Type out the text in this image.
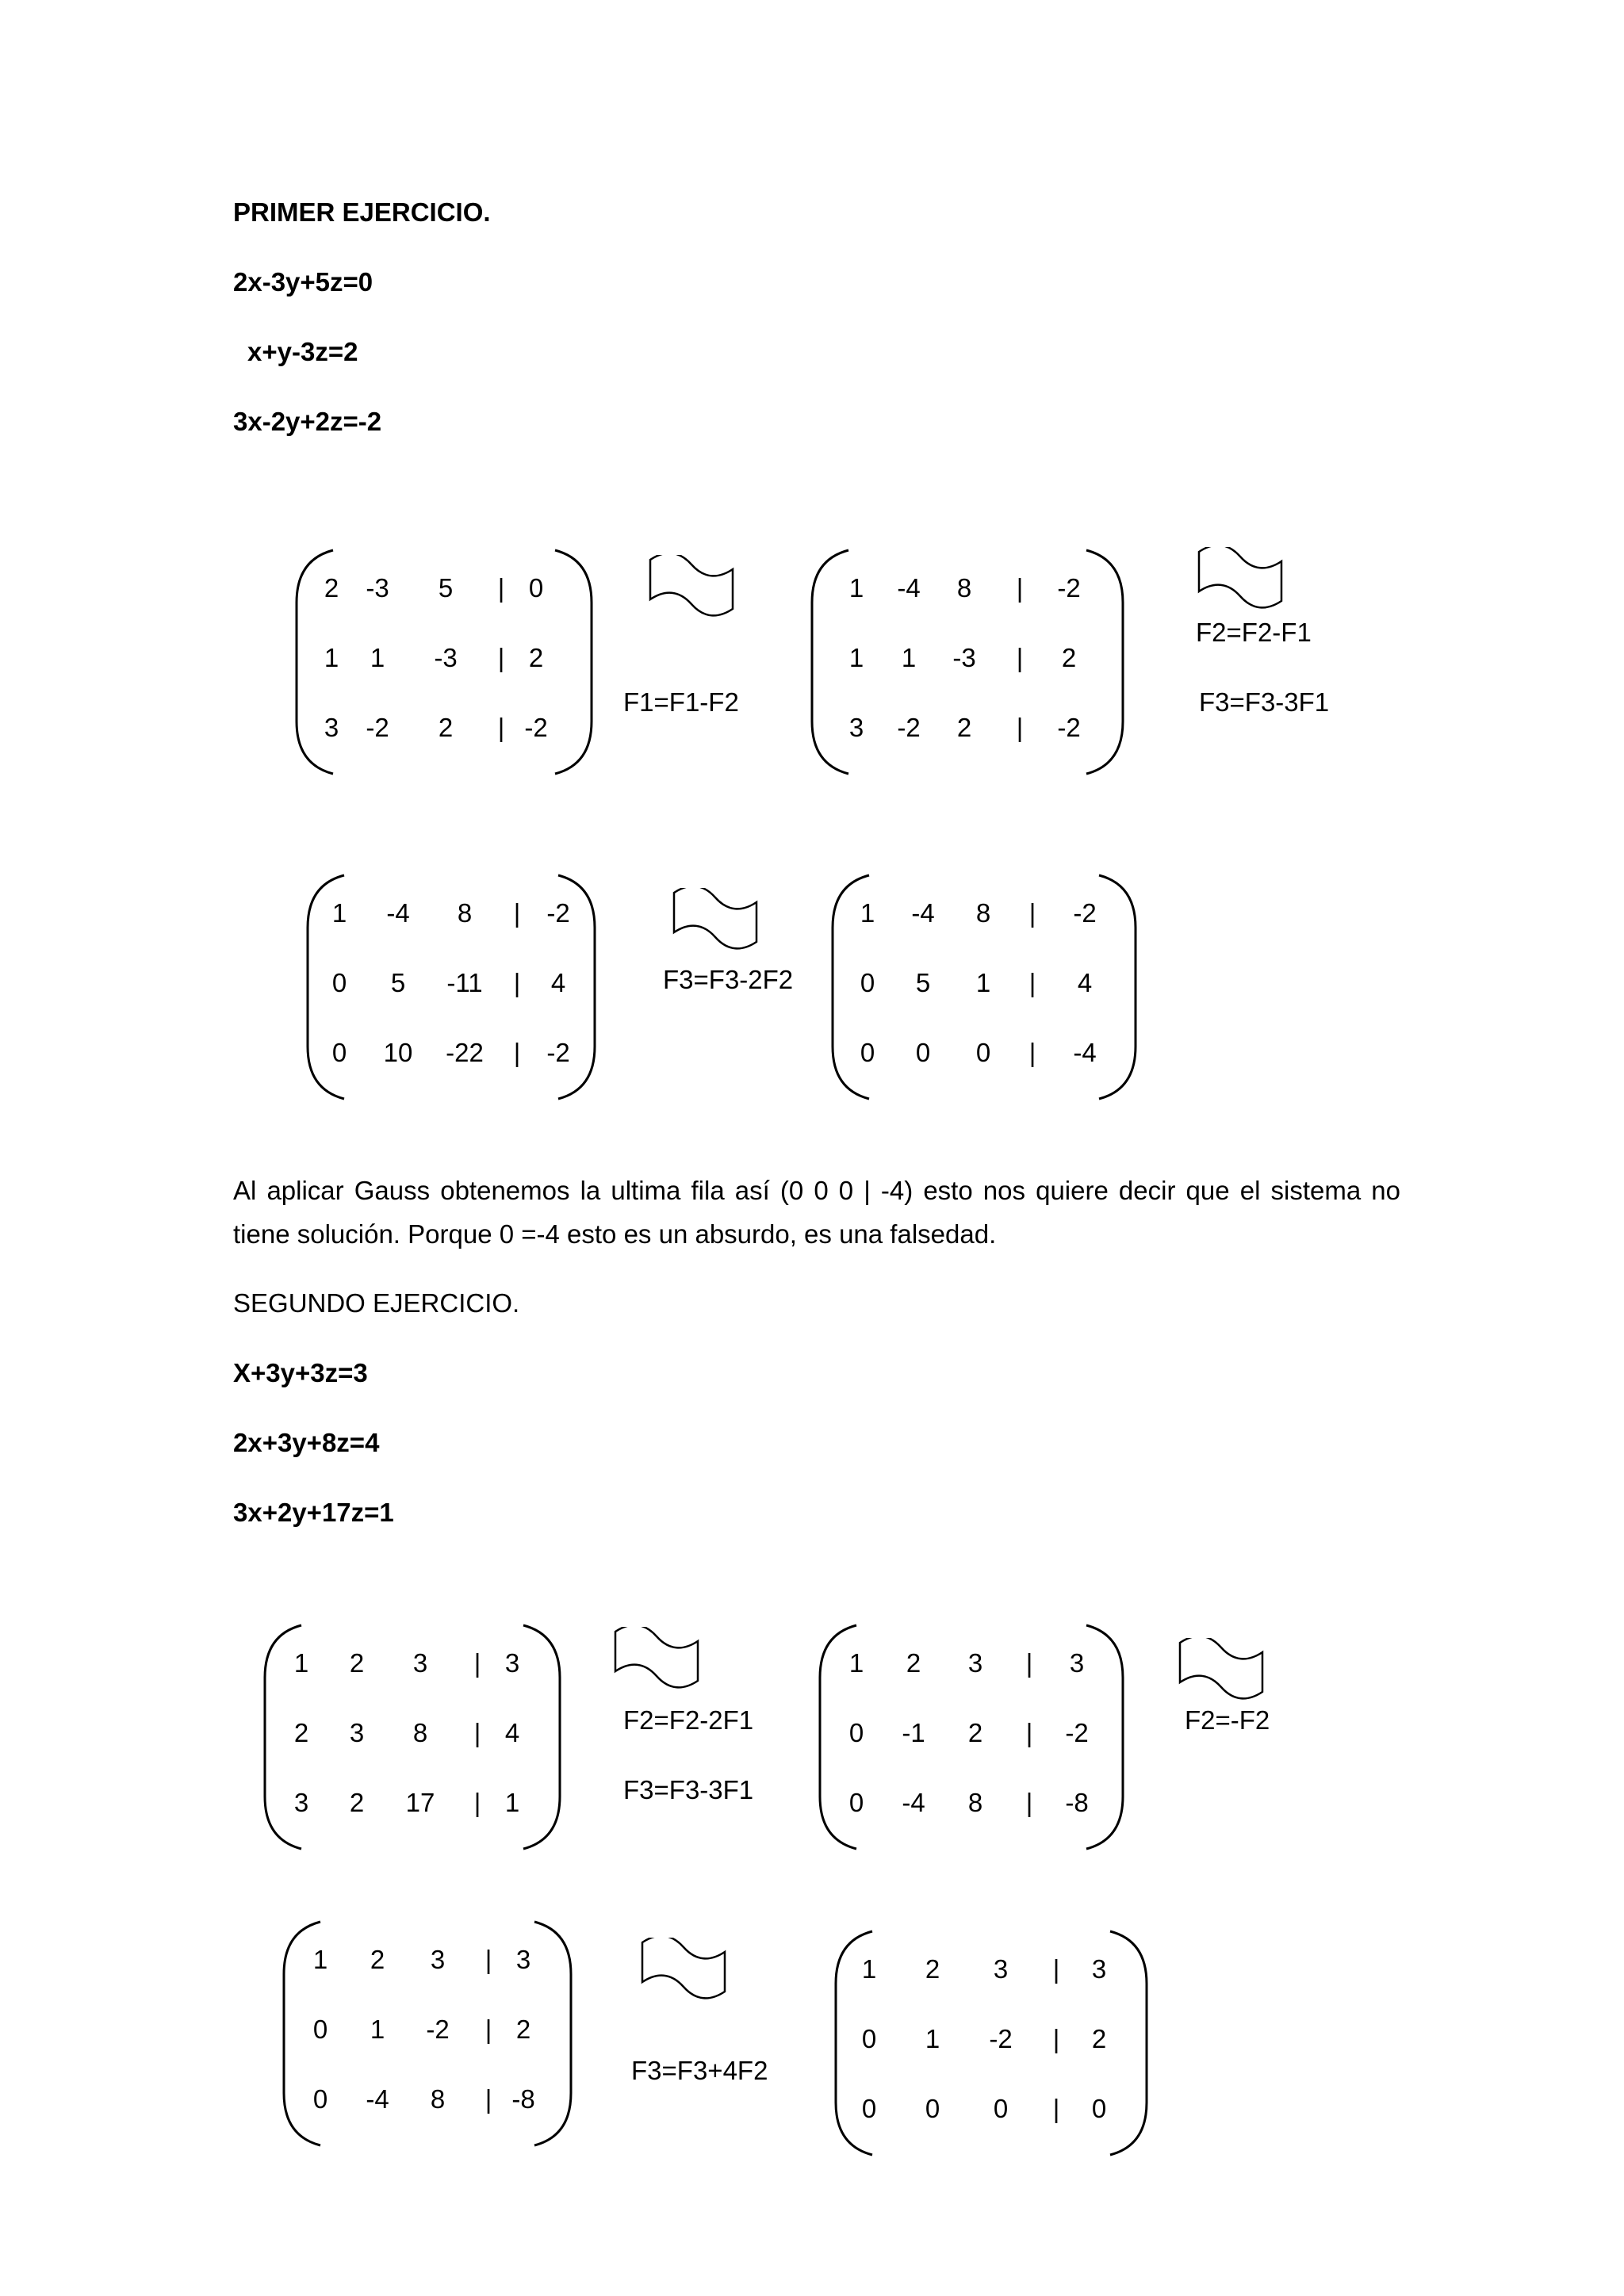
PRIMER EJERCICIO.
2x-3y+5z=0
x+y-3z=2
3x-2y+2z=-2
2	-3	5	| 0
1	1	-3	| 2
3	-2	2	| -2
F1=F1-F2
1	-4	8	|	-2
1	1	-3	|	2
3	-2	2	|	-2
F2=F2-F1
F3=F3-3F1
1	-4	8	|	-2
0	5	-11	|	4
0	10	-22	|	-2
F3=F3-2F2
1	-4	8	|	-2
0	5	1	|	4
0	0	0	|	-4
Al aplicar Gauss obtenemos la ultima fila así (0 0 0 | -4) esto nos quiere decir que el sistema no tiene solución. Porque 0 =-4 esto es un absurdo, es una falsedad.
SEGUNDO EJERCICIO.
X+3y+3z=3
2x+3y+8z=4
3x+2y+17z=1
1	2	3	| 3
2	3	8	| 4
3	2	17	| 1
F2=F2-2F1
F3=F3-3F1
1	2	3	|	3
0	-1	2	|	-2
0	-4	8	|	-8
F2=-F2
1	2	3	| 3
0	1	-2	| 2
0	-4	8	| -8
F3=F3+4F2
1	2	3	|	3
0	1	-2	|	2
0	0	0	|	0
